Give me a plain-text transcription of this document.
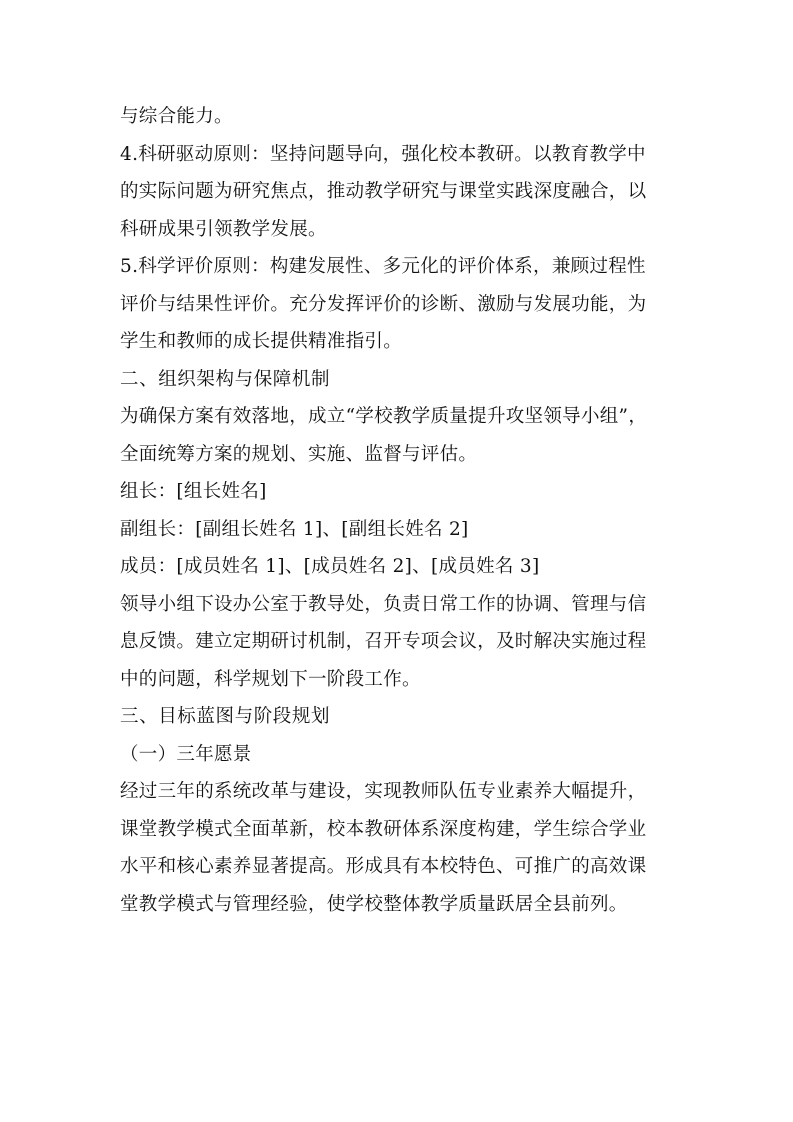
与综合能力。
4.科研驱动原则：坚持问题导向，强化校本教研。以教育教学中
的实际问题为研究焦点，推动教学研究与课堂实践深度融合，以
科研成果引领教学发展。
5.科学评价原则：构建发展性、多元化的评价体系，兼顾过程性
评价与结果性评价。充分发挥评价的诊断、激励与发展功能，为
学生和教师的成长提供精准指引。
二、组织架构与保障机制
为确保方案有效落地，成立“学校教学质量提升攻坚领导小组”，
全面统筹方案的规划、实施、监督与评估。
组长：[组长姓名]
副组长：[副组长姓名 1]、[副组长姓名 2]
成员：[成员姓名 1]、[成员姓名 2]、[成员姓名 3]
领导小组下设办公室于教导处，负责日常工作的协调、管理与信
息反馈。建立定期研讨机制，召开专项会议，及时解决实施过程
中的问题，科学规划下一阶段工作。
三、目标蓝图与阶段规划
（一）三年愿景
经过三年的系统改革与建设，实现教师队伍专业素养大幅提升，
课堂教学模式全面革新，校本教研体系深度构建，学生综合学业
水平和核心素养显著提高。形成具有本校特色、可推广的高效课
堂教学模式与管理经验，使学校整体教学质量跃居全县前列。
